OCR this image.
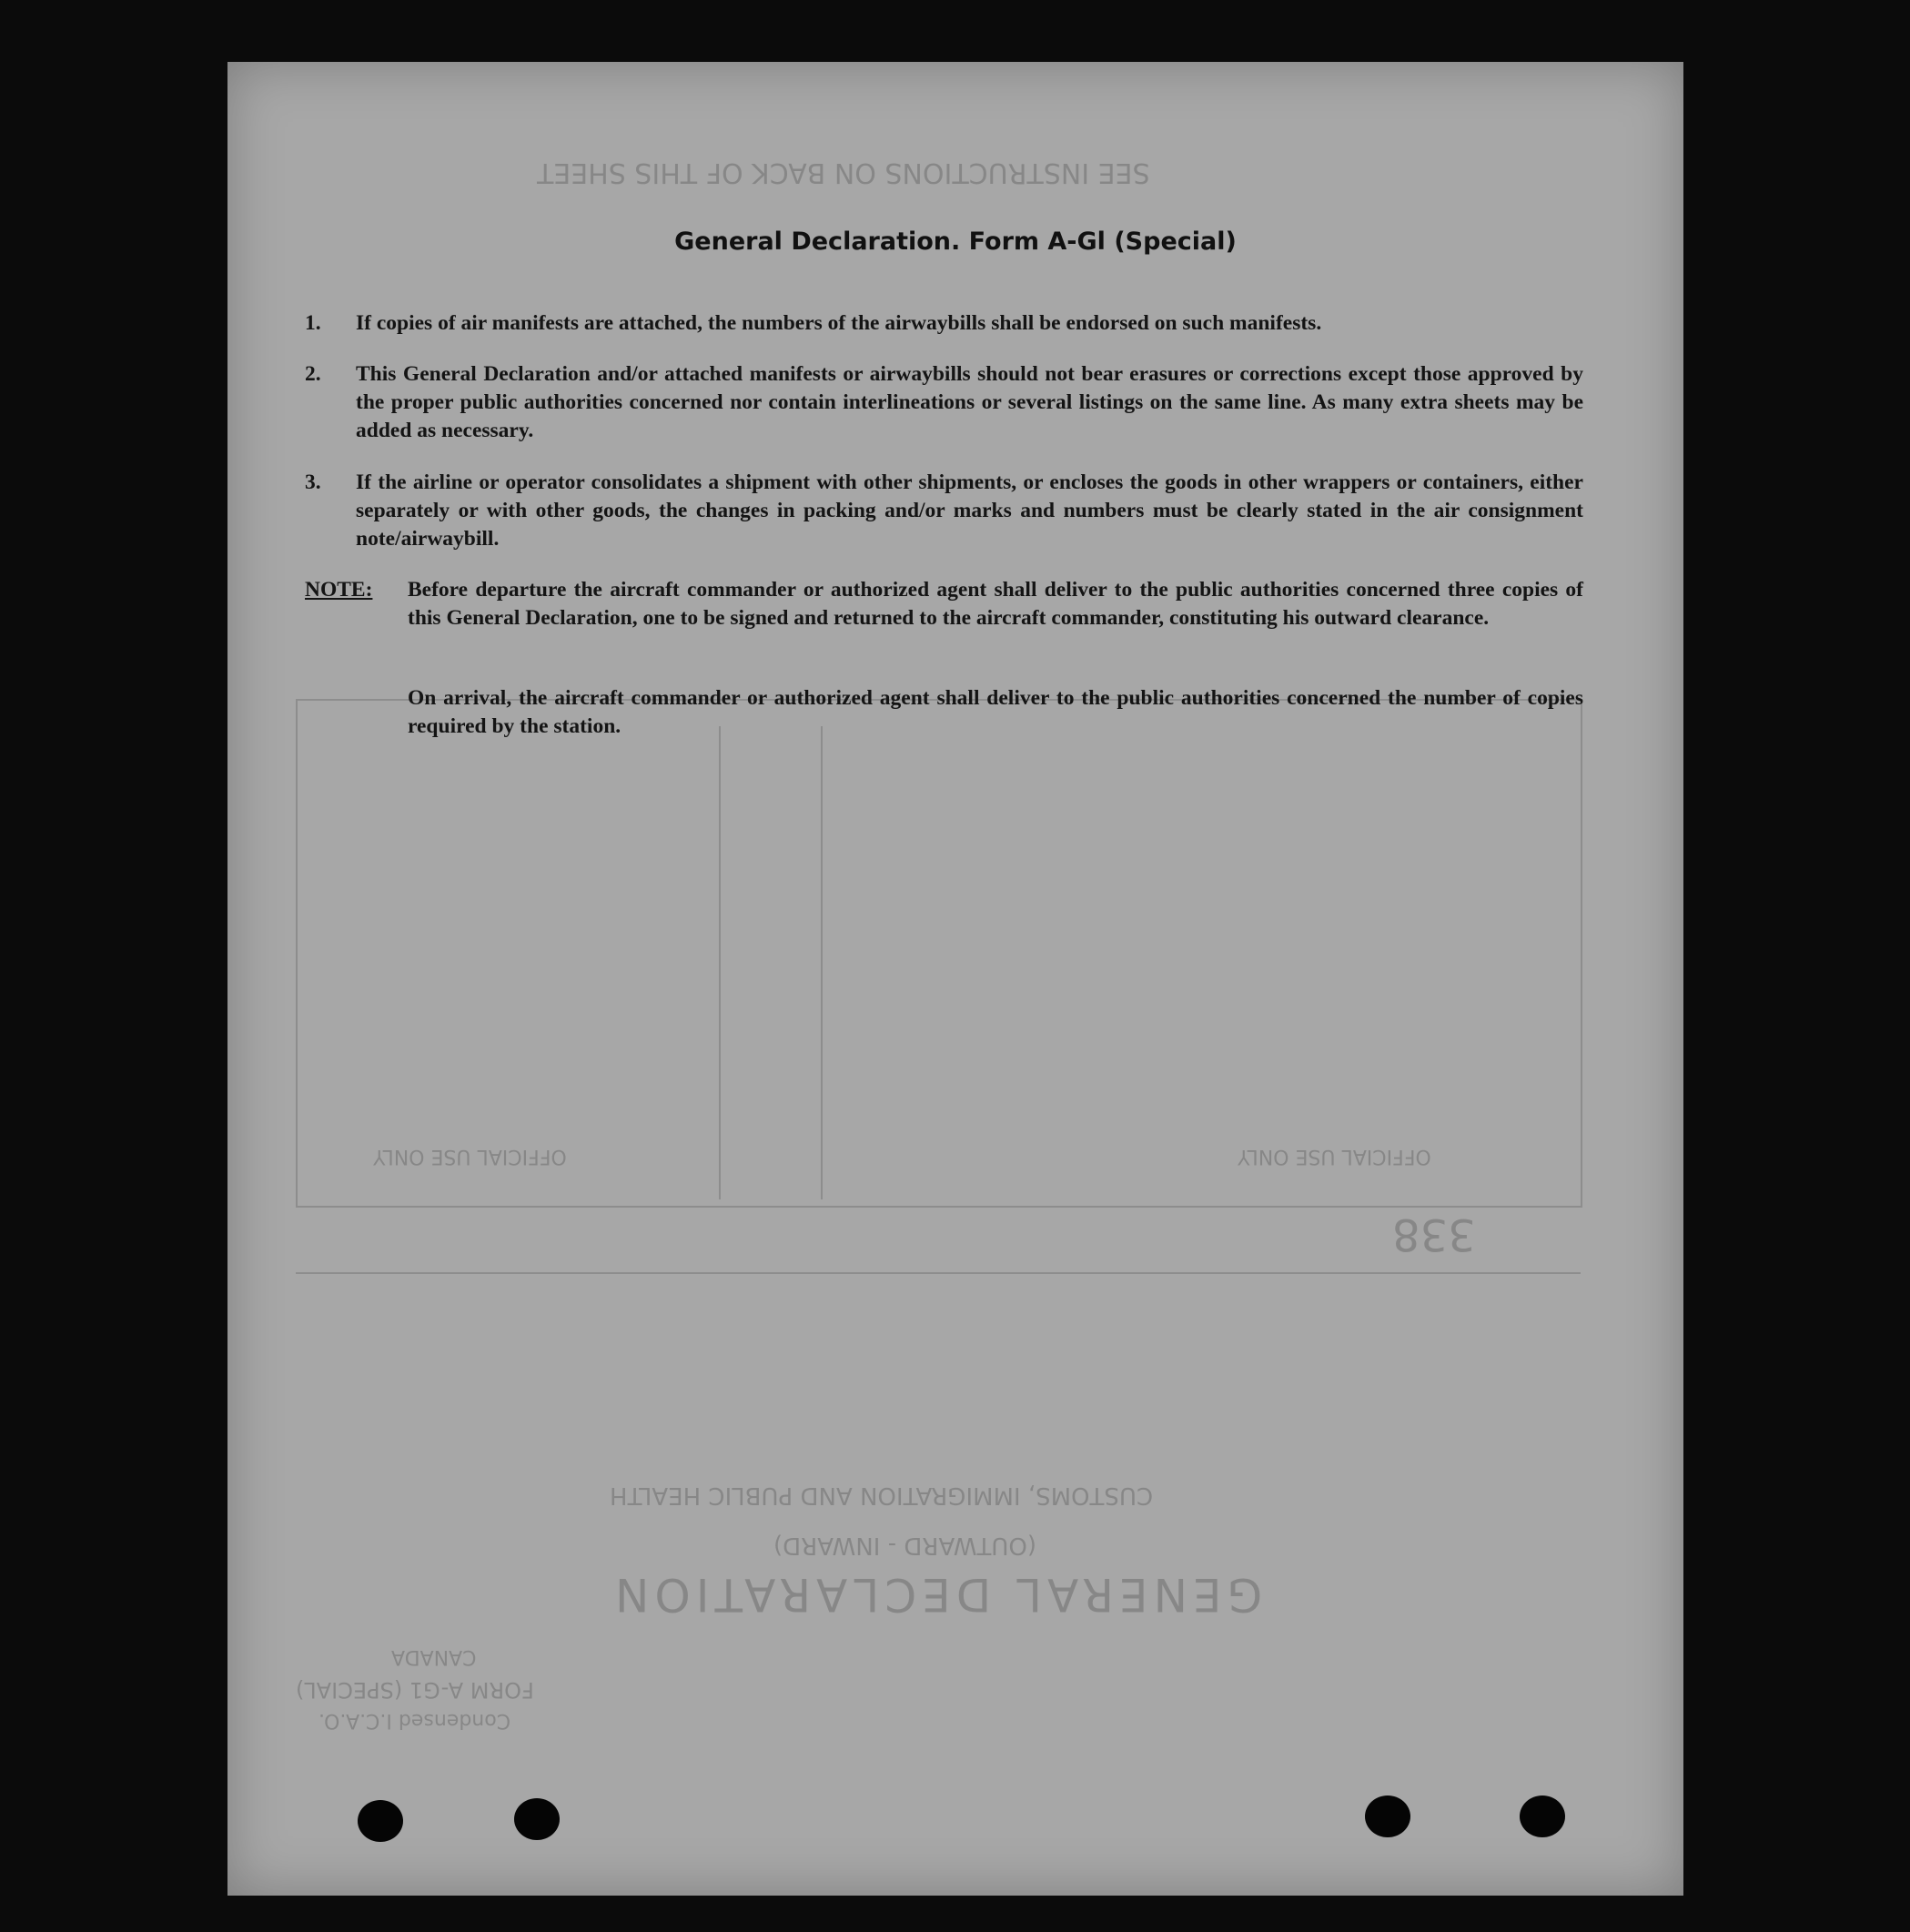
SEE INSTRUCTIONS ON BACK OF THIS SHEET
OFFICIAL USE ONLY	OFFICIAL USE ONLY
338
CUSTOMS, IMMIGRATION AND PUBLIC HEALTH
(OUTWARD - INWARD)
GENERAL DECLARATION
CANADA
FORM A-G1 (SPECIAL)
Condensed I.C.A.O.
General Declaration. Form A-Gl (Special)
1.	If copies of air manifests are attached, the numbers of the airwaybills shall be endorsed on such manifests.
2.	This General Declaration and/or attached manifests or airwaybills should not bear erasures or corrections except those approved by the proper public authorities concerned nor contain interlineations or several listings on the same line. As many extra sheets may be added as necessary.
3.	If the airline or operator consolidates a shipment with other shipments, or encloses the goods in other wrappers or containers, either separately or with other goods, the changes in packing and/or marks and numbers must be clearly stated in the air consignment note/airwaybill.
NOTE: Before departure the aircraft commander or authorized agent shall deliver to the public authorities concerned three copies of this General Declaration, one to be signed and returned to the aircraft commander, constituting his outward clearance.
On arrival, the aircraft commander or authorized agent shall deliver to the public authorities concerned the number of copies required by the station.
